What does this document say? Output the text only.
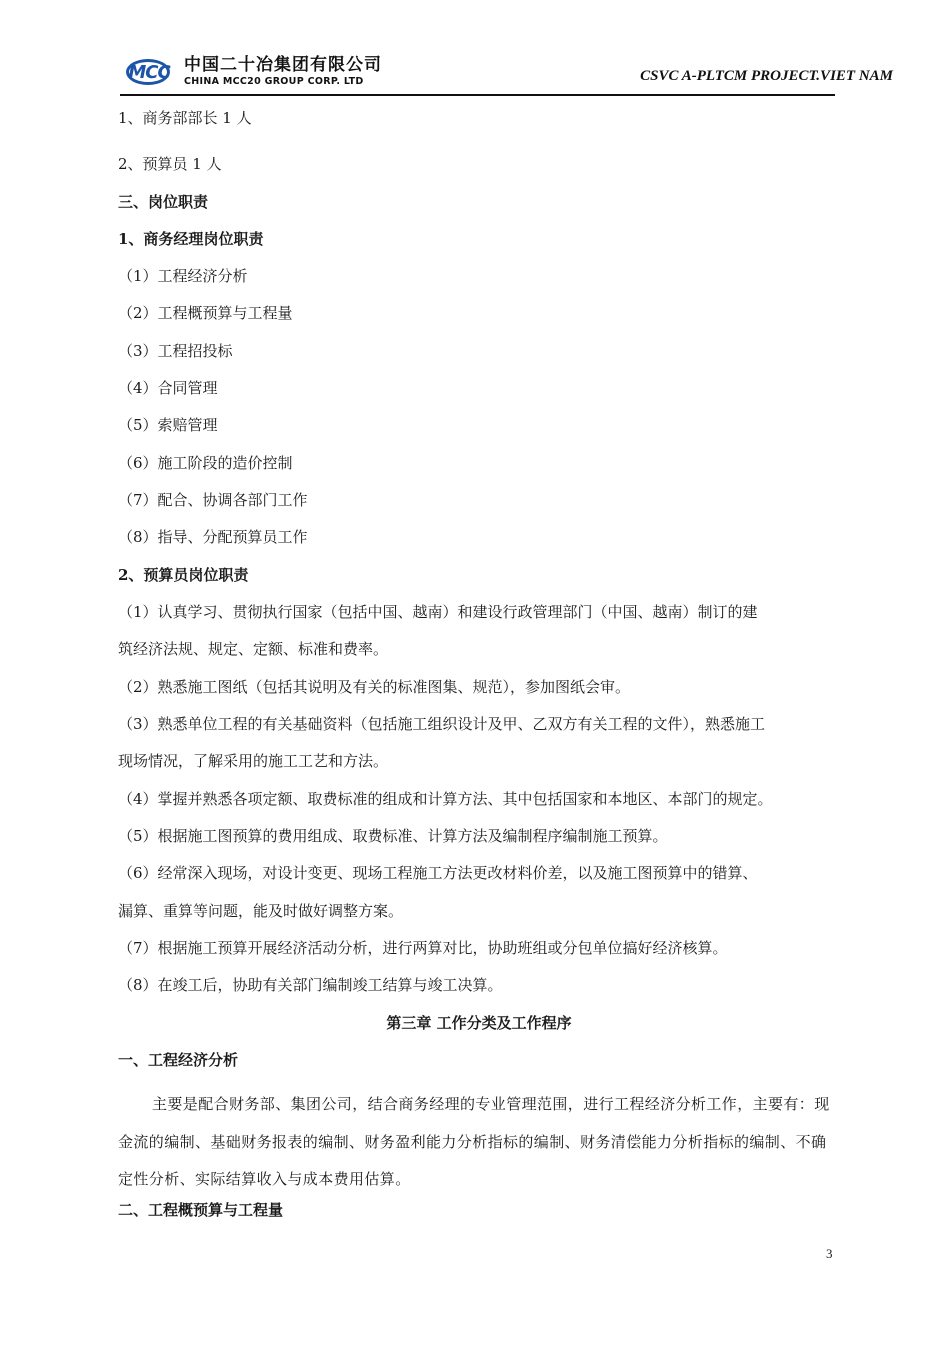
MCC 中国二十冶集团有限公司
CHINA MCC20 GROUP CORP. LTD	CSVC A-PLTCM PROJECT.VIET NAM

1、商务部部长 1 人

2、预算员 1 人

三、岗位职责

1、商务经理岗位职责

（1）工程经济分析

（2）工程概预算与工程量

（3）工程招投标

（4）合同管理

（5）索赔管理

（6）施工阶段的造价控制

（7）配合、协调各部门工作

（8）指导、分配预算员工作

2、预算员岗位职责

（1）认真学习、贯彻执行国家（包括中国、越南）和建设行政管理部门（中国、越南）制订的建

筑经济法规、规定、定额、标准和费率。

（2）熟悉施工图纸（包括其说明及有关的标准图集、规范），参加图纸会审。

（3）熟悉单位工程的有关基础资料（包括施工组织设计及甲、乙双方有关工程的文件），熟悉施工

现场情况，了解采用的施工工艺和方法。

（4）掌握并熟悉各项定额、取费标准的组成和计算方法、其中包括国家和本地区、本部门的规定。

（5）根据施工图预算的费用组成、取费标准、计算方法及编制程序编制施工预算。

（6）经常深入现场，对设计变更、现场工程施工方法更改材料价差，以及施工图预算中的错算、

漏算、重算等问题，能及时做好调整方案。

（7）根据施工预算开展经济活动分析，进行两算对比，协助班组或分包单位搞好经济核算。

（8）在竣工后，协助有关部门编制竣工结算与竣工决算。

第三章 工作分类及工作程序

一、工程经济分析

主要是配合财务部、集团公司，结合商务经理的专业管理范围，进行工程经济分析工作，主要有：现金流的编制、基础财务报表的编制、财务盈利能力分析指标的编制、财务清偿能力分析指标的编制、不确定性分析、实际结算收入与成本费用估算。

二、工程概预算与工程量

3
